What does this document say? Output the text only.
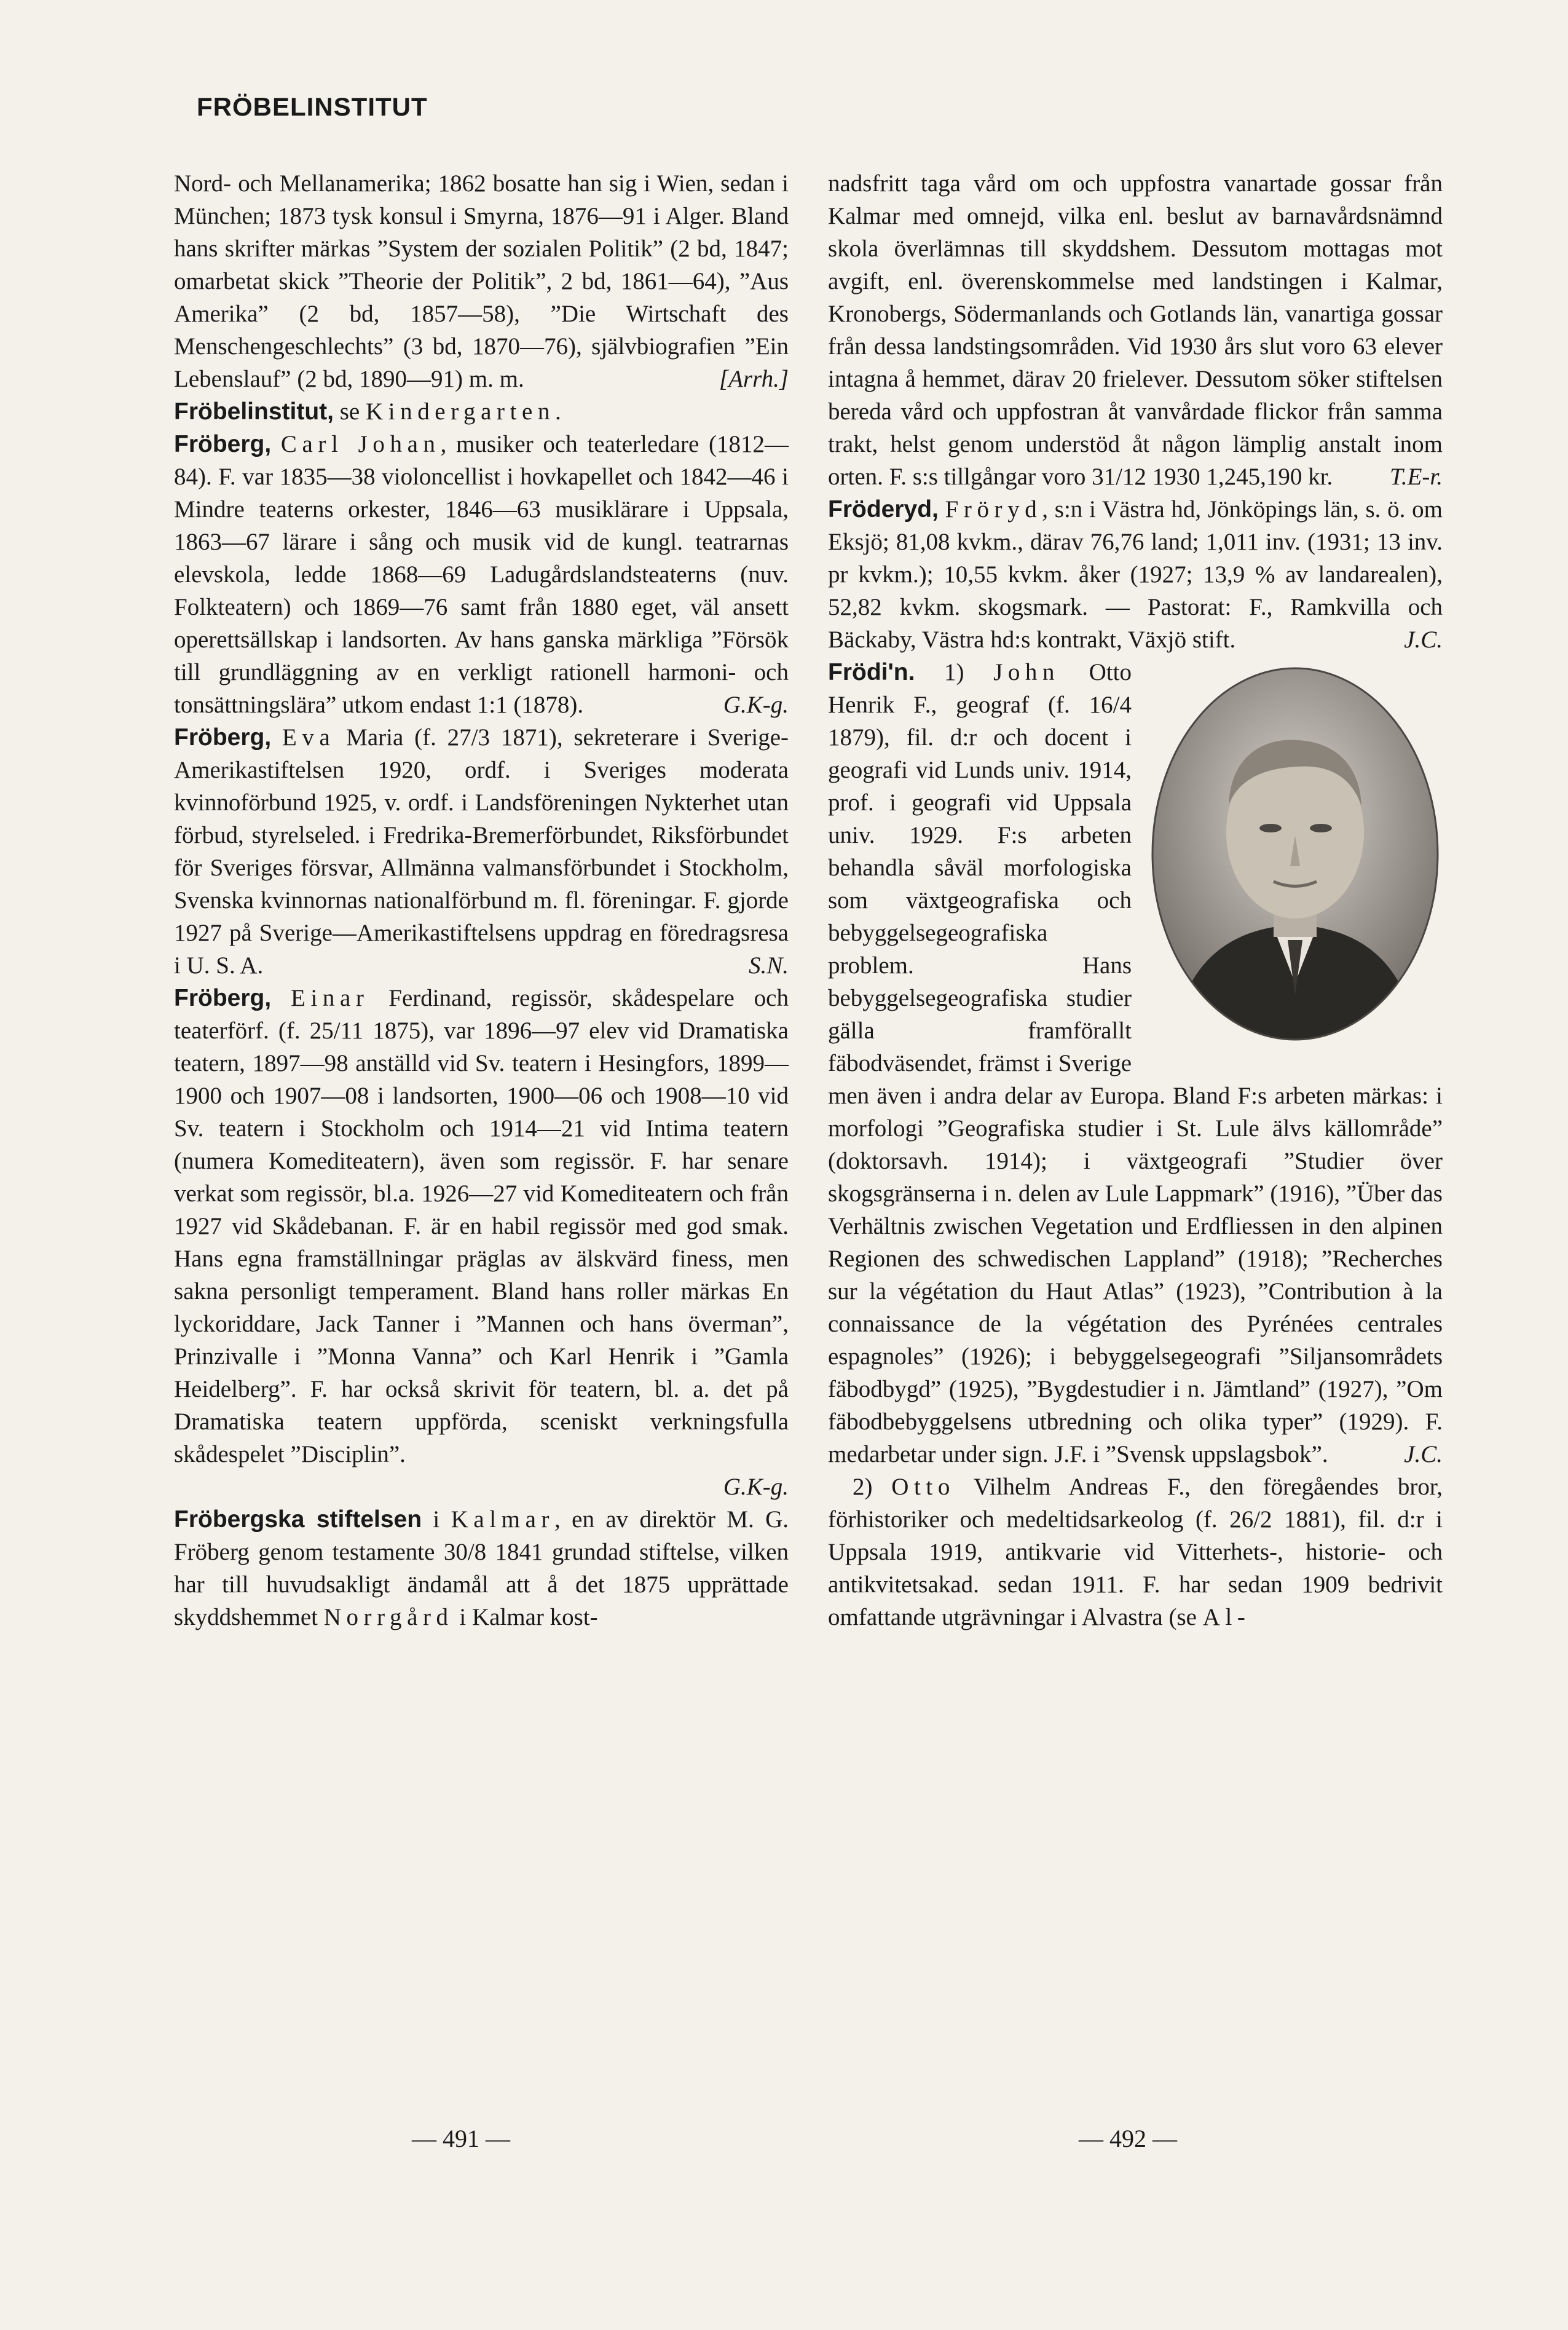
FRÖBELINSTITUT

Nord- och Mellanamerika; 1862 bosatte han sig i Wien, sedan i München; 1873 tysk konsul i Smyrna, 1876—91 i Alger. Bland hans skrifter märkas ”System der sozialen Politik” (2 bd, 1847; omarbetat skick ”Theorie der Politik”, 2 bd, 1861—64), ”Aus Amerika” (2 bd, 1857—58), ”Die Wirtschaft des Menschengeschlechts” (3 bd, 1870—76), självbiografien ”Ein Lebenslauf” (2 bd, 1890—91) m. m.	[Arrh.]

Fröbelinstitut, se Kindergarten.

Fröberg, Carl Johan, musiker och teaterledare (1812—84). F. var 1835—38 violoncellist i hovkapellet och 1842—46 i Mindre teaterns orkester, 1846—63 musiklärare i Uppsala, 1863—67 lärare i sång och musik vid de kungl. teatrarnas elevskola, ledde 1868—69 Ladugårdslandsteaterns (nuv. Folkteatern) och 1869—76 samt från 1880 eget, väl ansett operettsällskap i landsorten. Av hans ganska märkliga ”Försök till grundläggning av en verkligt rationell harmoni- och tonsättningslära” utkom endast 1:1 (1878).	G.K-g.

Fröberg, Eva Maria (f. 27/3 1871), sekreterare i Sverige-Amerikastiftelsen 1920, ordf. i Sveriges moderata kvinnoförbund 1925, v. ordf. i Landsföreningen Nykterhet utan förbud, styrelseled. i Fredrika-Bremerförbundet, Riksförbundet för Sveriges försvar, Allmänna valmansförbundet i Stockholm, Svenska kvinnornas nationalförbund m. fl. föreningar. F. gjorde 1927 på Sverige—Amerikastiftelsens uppdrag en föredragsresa i U. S. A.	S.N.

Fröberg, Einar Ferdinand, regissör, skådespelare och teaterförf. (f. 25/11 1875), var 1896—97 elev vid Dramatiska teatern, 1897—98 anställd vid Sv. teatern i Hesingfors, 1899—1900 och 1907—08 i landsorten, 1900—06 och 1908—10 vid Sv. teatern i Stockholm och 1914—21 vid Intima teatern (numera Komediteatern), även som regissör. F. har senare verkat som regissör, bl.a. 1926—27 vid Komediteatern och från 1927 vid Skådebanan. F. är en habil regissör med god smak. Hans egna framställningar präglas av älskvärd finess, men sakna personligt temperament. Bland hans roller märkas En lyckoriddare, Jack Tanner i ”Mannen och hans överman”, Prinzivalle i ”Monna Vanna” och Karl Henrik i ”Gamla Heidelberg”. F. har också skrivit för teatern, bl. a. det på Dramatiska teatern uppförda, sceniskt verkningsfulla skådespelet ”Disciplin”.

G.K-g.

Fröbergska stiftelsen i Kalmar, en av direktör M. G. Fröberg genom testamente 30/8 1841 grundad stiftelse, vilken har till huvudsakligt ändamål att å det 1875 upprättade skyddshemmet Norrgård i Kalmar kost-

nadsfritt taga vård om och uppfostra vanartade gossar från Kalmar med omnejd, vilka enl. beslut av barnavårdsnämnd skola överlämnas till skyddshem. Dessutom mottagas mot avgift, enl. överenskommelse med landstingen i Kalmar, Kronobergs, Södermanlands och Gotlands län, vanartiga gossar från dessa landstingsområden. Vid 1930 års slut voro 63 elever intagna å hemmet, därav 20 frielever. Dessutom söker stiftelsen bereda vård och uppfostran åt vanvårdade flickor från samma trakt, helst genom understöd åt någon lämplig anstalt inom orten. F. s:s tillgångar voro 31/12 1930 1,245,190 kr. T.E-r.

Fröderyd, Fröryd, s:n i Västra hd, Jönköpings län, s. ö. om Eksjö; 81,08 kvkm., därav 76,76 land; 1,011 inv. (1931; 13 inv. pr kvkm.); 10,55 kvkm. åker (1927; 13,9 % av landarealen), 52,82 kvkm. skogsmark. — Pastorat: F., Ramkvilla och Bäckaby, Västra hd:s kontrakt, Växjö stift.	J.C.

Frödi'n. 1) John Otto Henrik F., geograf (f. 16/4 1879), fil. d:r och docent i geografi vid Lunds univ. 1914, prof. i geografi vid Uppsala univ. 1929. F:s arbeten behandla såväl morfologiska som växtgeografiska och bebyggelsegeografiska problem. Hans bebyggelsegeografiska studier gälla framförallt fäbodväsendet, främst i Sverige men även i andra delar av Europa. Bland F:s arbeten märkas: i morfologi ”Geografiska studier i St. Lule älvs källområde” (doktorsavh. 1914); i växtgeografi ”Studier över skogsgränserna i n. delen av Lule Lappmark” (1916), ”Über das Verhältnis zwischen Vegetation und Erdfliessen in den alpinen Regionen des schwedischen Lappland” (1918); ”Recherches sur la végétation du Haut Atlas” (1923), ”Contribution à la connaissance de la végétation des Pyrénées centrales espagnoles” (1926); i bebyggelsegeografi ”Siljansområdets fäbodbygd” (1925), ”Bygdestudier i n. Jämtland” (1927), ”Om fäbodbebyggelsens utbredning och olika typer” (1929). F. medarbetar under sign. J.F. i ”Svensk uppslagsbok”.	J.C.

2) Otto Vilhelm Andreas F., den föregåendes bror, förhistoriker och medeltidsarkeolog (f. 26/2 1881), fil. d:r i Uppsala 1919, antikvarie vid Vitterhets-, historie- och antikvitetsakad. sedan 1911. F. har sedan 1909 bedrivit omfattande utgrävningar i Alvastra (se Al-

— 491 —	— 492 —
